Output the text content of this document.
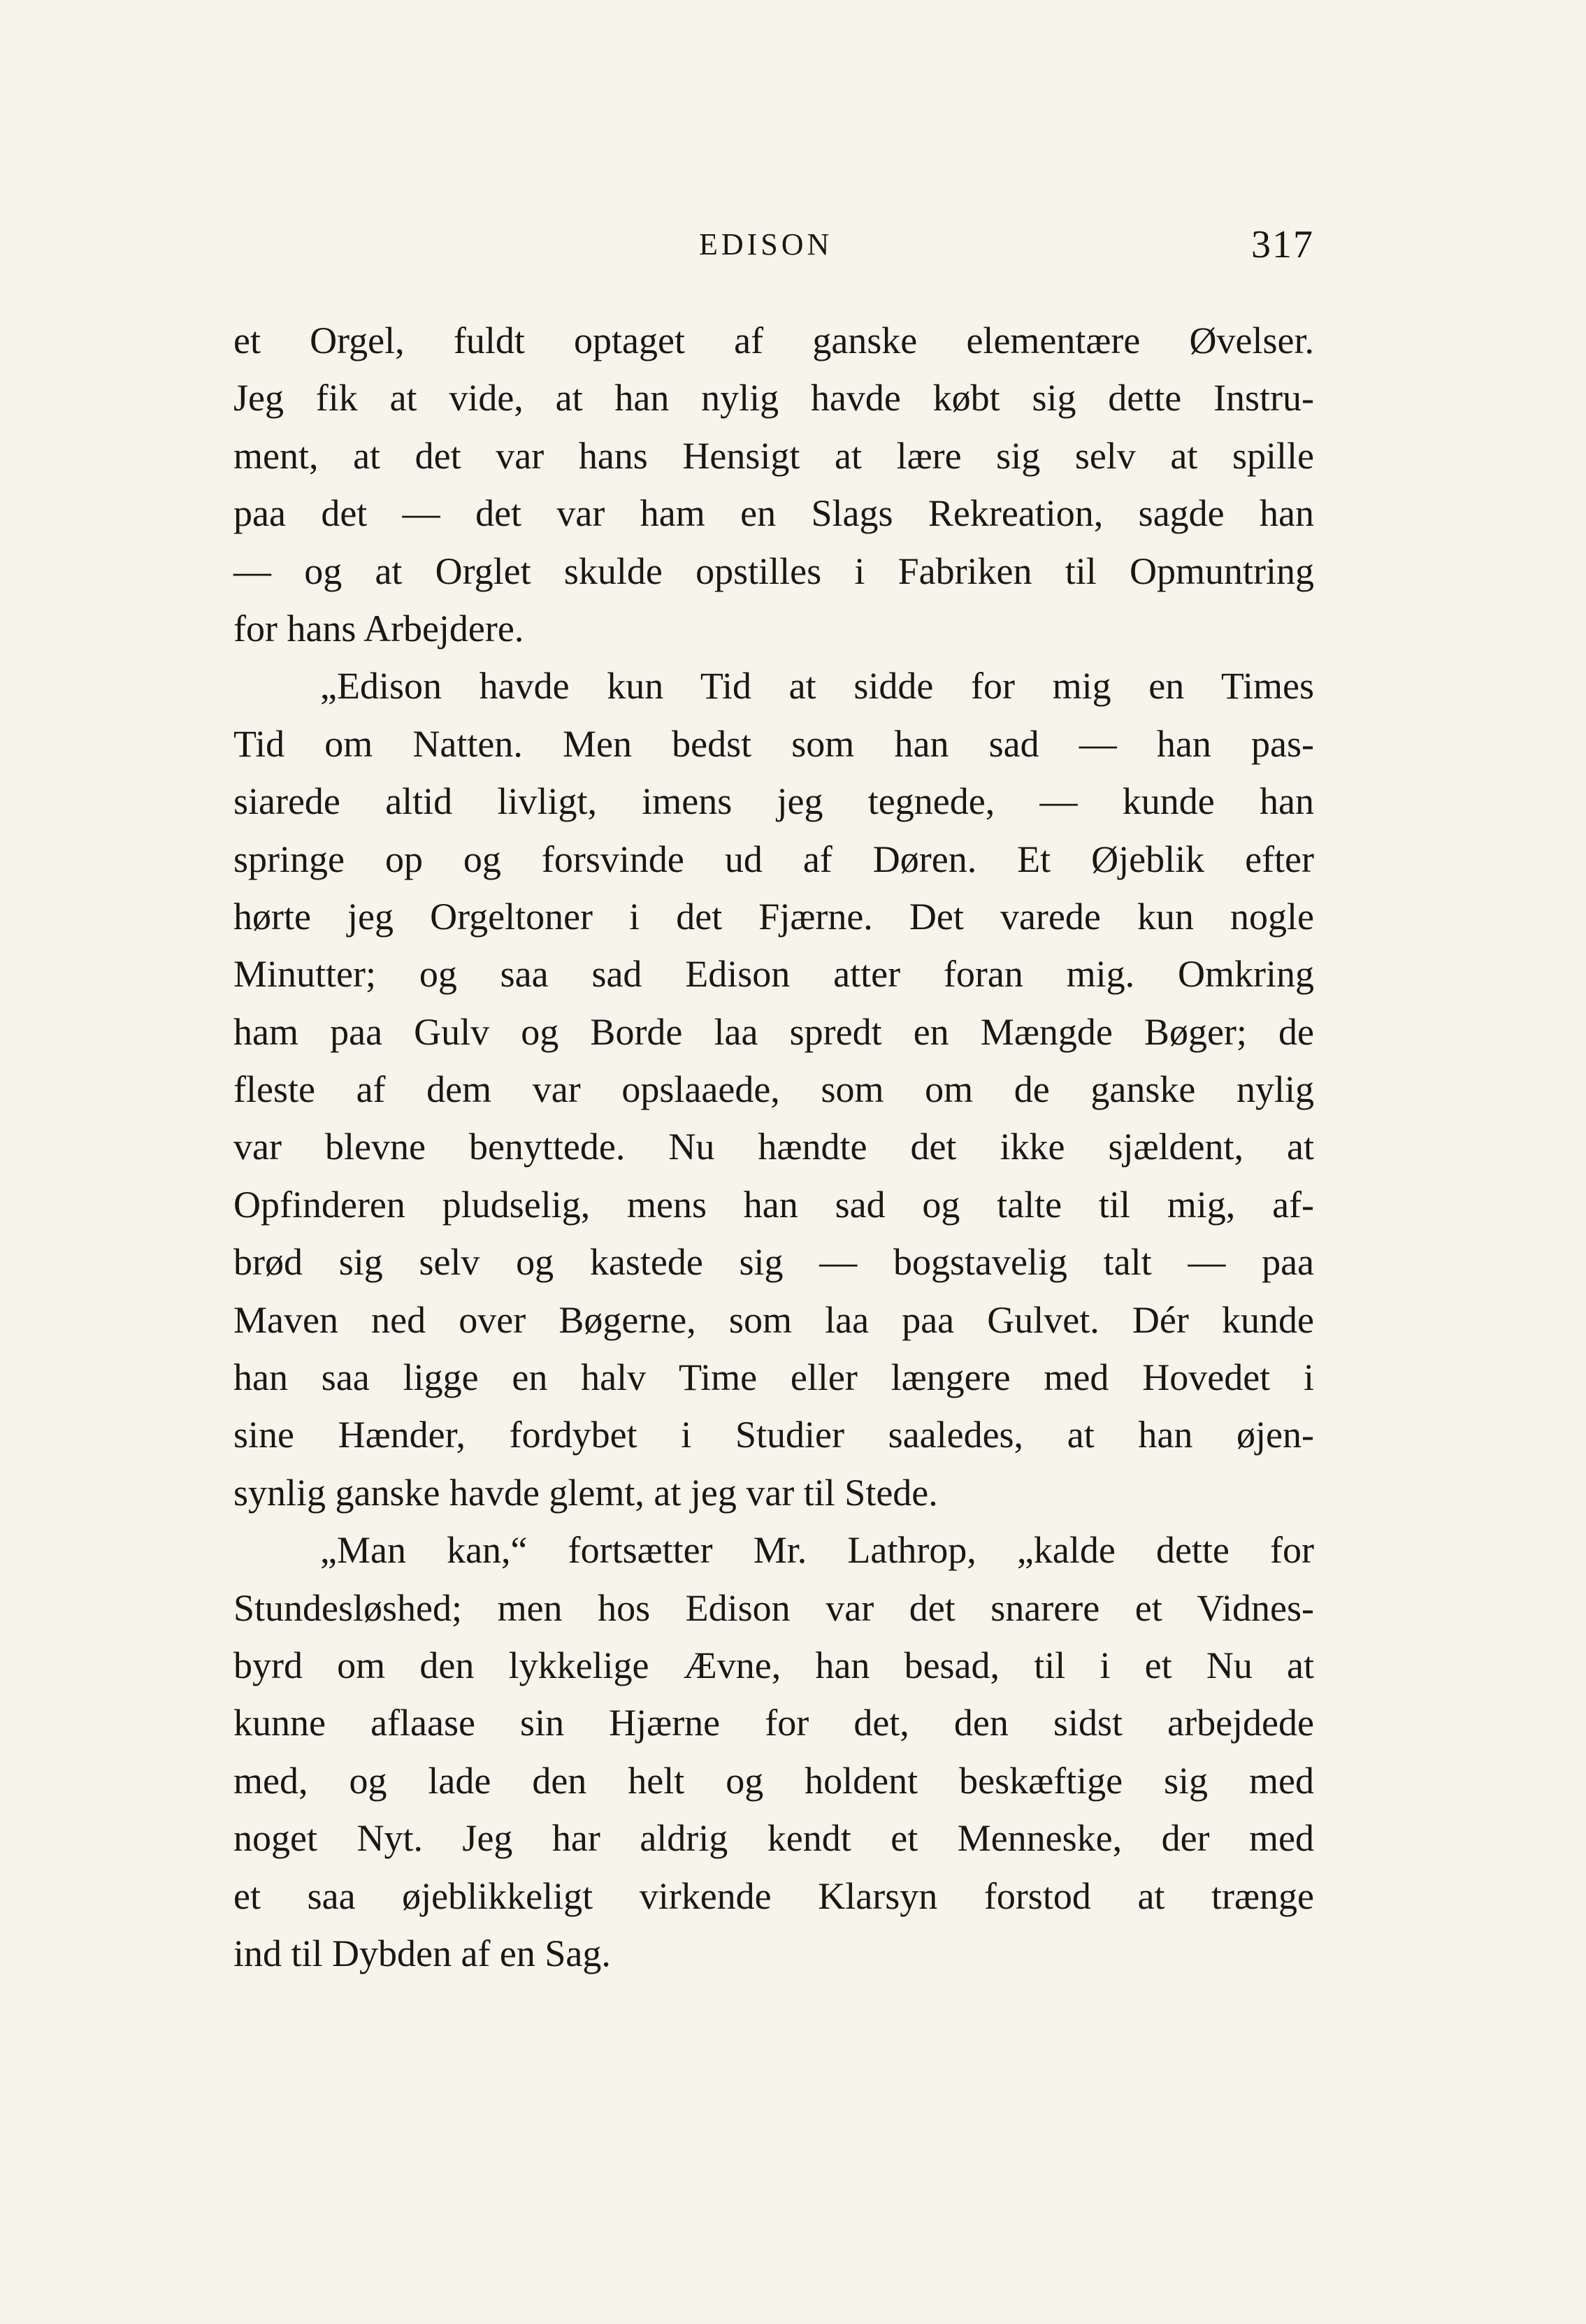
EDISON	317
et Orgel, fuldt optaget af ganske elementære Øvelser.
Jeg fik at vide, at han nylig havde købt sig dette Instru-
ment, at det var hans Hensigt at lære sig selv at spille
paa det — det var ham en Slags Rekreation, sagde han
— og at Orglet skulde opstilles i Fabriken til Opmuntring
for hans Arbejdere.
„Edison havde kun Tid at sidde for mig en Times
Tid om Natten. Men bedst som han sad — han pas-
siarede altid livligt, imens jeg tegnede, — kunde han
springe op og forsvinde ud af Døren. Et Øjeblik efter
hørte jeg Orgeltoner i det Fjærne. Det varede kun nogle
Minutter; og saa sad Edison atter foran mig. Omkring
ham paa Gulv og Borde laa spredt en Mængde Bøger; de
fleste af dem var opslaaede, som om de ganske nylig
var blevne benyttede. Nu hændte det ikke sjældent, at
Opfinderen pludselig, mens han sad og talte til mig, af-
brød sig selv og kastede sig — bogstavelig talt — paa
Maven ned over Bøgerne, som laa paa Gulvet. Dér kunde
han saa ligge en halv Time eller længere med Hovedet i
sine Hænder, fordybet i Studier saaledes, at han øjen-
synlig ganske havde glemt, at jeg var til Stede.
„Man kan,“ fortsætter Mr. Lathrop, „kalde dette for
Stundesløshed; men hos Edison var det snarere et Vidnes-
byrd om den lykkelige Ævne, han besad, til i et Nu at
kunne aflaase sin Hjærne for det, den sidst arbejdede
med, og lade den helt og holdent beskæftige sig med
noget Nyt. Jeg har aldrig kendt et Menneske, der med
et saa øjeblikkeligt virkende Klarsyn forstod at trænge
ind til Dybden af en Sag.
